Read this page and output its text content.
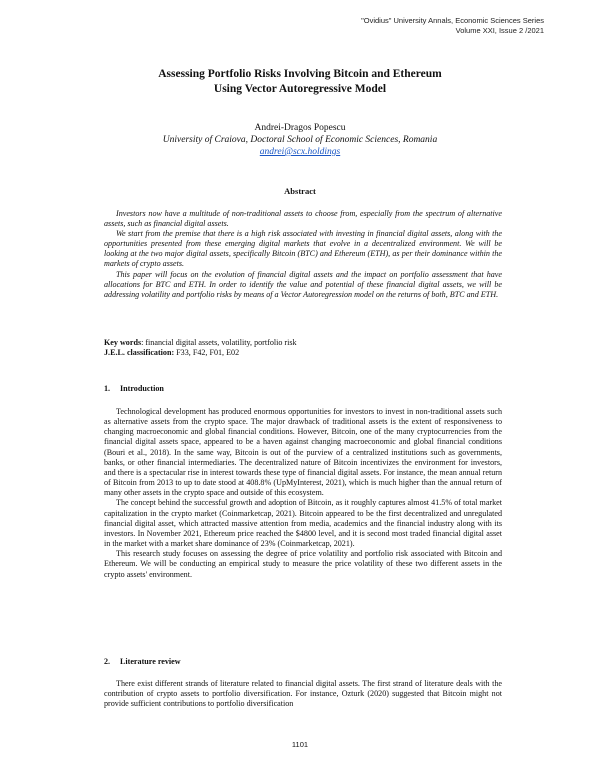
"Ovidius" University Annals, Economic Sciences Series
Volume XXI, Issue 2 /2021
Assessing Portfolio Risks Involving Bitcoin and Ethereum
Using Vector Autoregressive Model
Andrei-Dragos Popescu
University of Craiova, Doctoral School of Economic Sciences, Romania
andrei@scx.holdings
Abstract

Investors now have a multitude of non-traditional assets to choose from, especially from the spectrum of alternative assets, such as financial digital assets.

We start from the premise that there is a high risk associated with investing in financial digital assets, along with the opportunities presented from these emerging digital markets that evolve in a decentralized environment. We will be looking at the two major digital assets, specifically Bitcoin (BTC) and Ethereum (ETH), as per their dominance within the markets of crypto assets.

This paper will focus on the evolution of financial digital assets and the impact on portfolio assessment that have allocations for BTC and ETH. In order to identify the value and potential of these financial digital assets, we will be addressing volatility and portfolio risks by means of a Vector Autoregression model on the returns of both, BTC and ETH.

Key words: financial digital assets, volatility, portfolio risk

J.E.L. classification: F33, F42, F01, E02

1. Introduction

Technological development has produced enormous opportunities for investors to invest in non-traditional assets such as alternative assets from the crypto space. The major drawback of traditional assets is the extent of responsiveness to changing macroeconomic and global financial conditions. However, Bitcoin, one of the many cryptocurrencies from the financial digital assets space, appeared to be a haven against changing macroeconomic and global financial conditions (Bouri et al., 2018). In the same way, Bitcoin is out of the purview of a centralized institutions such as governments, banks, or other financial intermediaries. The decentralized nature of Bitcoin incentivizes the environment for investors, and there is a spectacular rise in interest towards these type of financial digital assets. For instance, the mean annual return of Bitcoin from 2013 to up to date stood at 408.8% (UpMyInterest, 2021), which is much higher than the annual return of many other assets in the crypto space and outside of this ecosystem.

The concept behind the successful growth and adoption of Bitcoin, as it roughly captures almost 41.5% of total market capitalization in the crypto market (Coinmarketcap, 2021). Bitcoin appeared to be the first decentralized and unregulated financial digital asset, which attracted massive attention from media, academics and the financial industry along with its investors. In November 2021, Ethereum price reached the $4800 level, and it is second most traded financial digital asset in the market with a market share dominance of 23% (Coinmarketcap, 2021).

This research study focuses on assessing the degree of price volatility and portfolio risk associated with Bitcoin and Ethereum. We will be conducting an empirical study to measure the price volatility of these two different assets in the crypto assets' environment.

2. Literature review

There exist different strands of literature related to financial digital assets. The first strand of literature deals with the contribution of crypto assets to portfolio diversification. For instance, Ozturk (2020) suggested that Bitcoin might not provide sufficient contributions to portfolio diversification

1101
